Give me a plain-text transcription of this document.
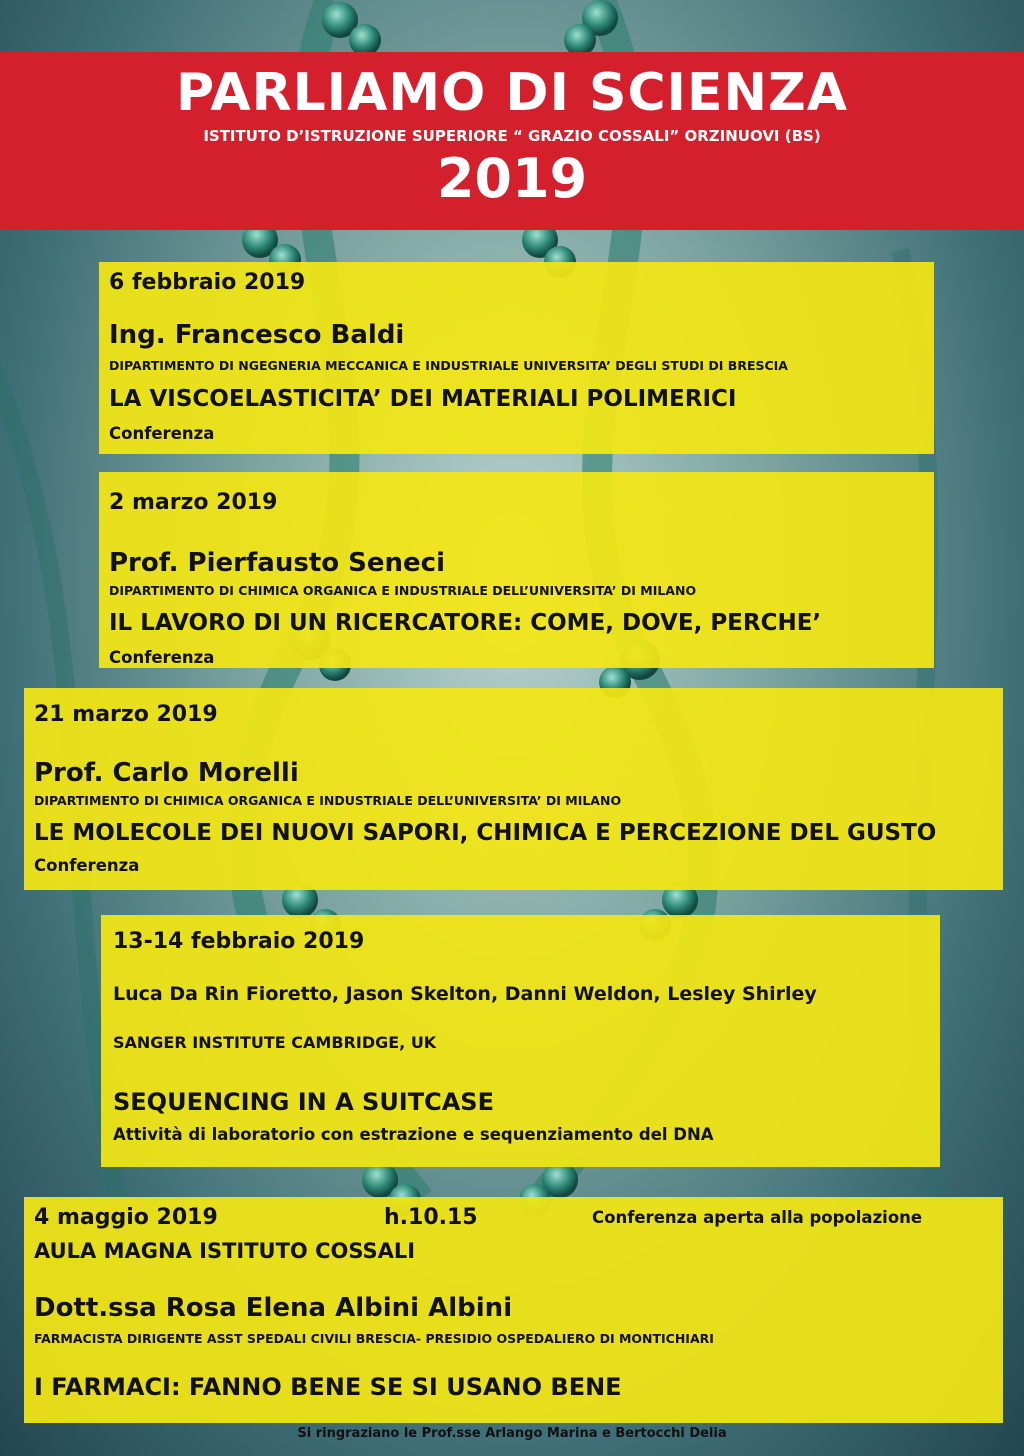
PARLIAMO DI SCIENZA
ISTITUTO D’ISTRUZIONE SUPERIORE “ GRAZIO COSSALI” ORZINUOVI (BS)
2019
6 febbraio 2019
Ing. Francesco Baldi
DIPARTIMENTO DI NGEGNERIA MECCANICA E INDUSTRIALE UNIVERSITA’ DEGLI STUDI DI BRESCIA
LA VISCOELASTICITA’ DEI MATERIALI POLIMERICI
Conferenza
2 marzo 2019
Prof. Pierfausto Seneci
DIPARTIMENTO DI CHIMICA ORGANICA E INDUSTRIALE DELL’UNIVERSITA’ DI MILANO
IL LAVORO DI UN RICERCATORE: COME, DOVE, PERCHE’
Conferenza
21 marzo 2019
Prof. Carlo Morelli
DIPARTIMENTO DI CHIMICA ORGANICA E INDUSTRIALE DELL’UNIVERSITA’ DI MILANO
LE MOLECOLE DEI NUOVI SAPORI, CHIMICA E PERCEZIONE DEL GUSTO
Conferenza
13-14 febbraio 2019
Luca Da Rin Fioretto, Jason Skelton, Danni Weldon, Lesley Shirley
SANGER INSTITUTE CAMBRIDGE, UK
SEQUENCING IN A SUITCASE
Attività di laboratorio con estrazione e sequenziamento del DNA
4 maggio 2019	h.10.15	Conferenza aperta alla popolazione
AULA MAGNA ISTITUTO COSSALI
Dott.ssa Rosa Elena Albini Albini
FARMACISTA DIRIGENTE ASST SPEDALI CIVILI BRESCIA- PRESIDIO OSPEDALIERO DI MONTICHIARI
I FARMACI: FANNO BENE SE SI USANO BENE
Si ringraziano le Prof.sse Arlango Marina e Bertocchi Delia
